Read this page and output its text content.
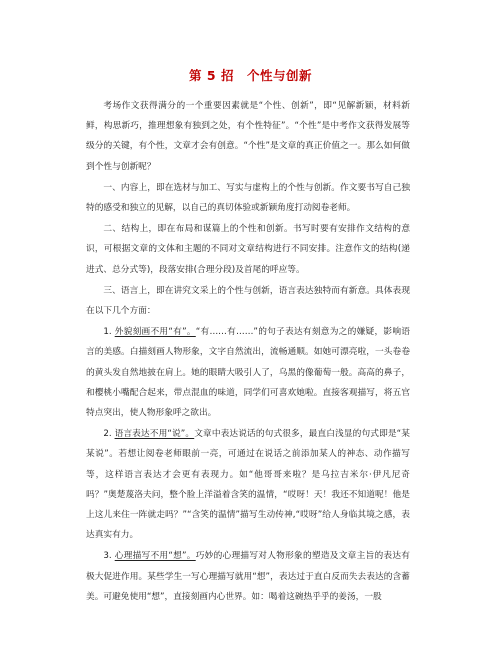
第 5 招　个性与创新

考场作文获得满分的一个重要因素就是“个性、创新”，即“见解新颖，材料新鲜，构思新巧，推理想象有独到之处，有个性特征”。“个性”是中考作文获得发展等级分的关键，有个性，文章才会有创意。“个性”是文章的真正价值之一。那么如何做到个性与创新呢？

一、内容上，即在选材与加工、写实与虚构上的个性与创新。作文要书写自己独特的感受和独立的见解，以自己的真切体验或新颖角度打动阅卷老师。

二、结构上，即在布局和谋篇上的个性和创新。书写时要有安排作文结构的意识，可根据文章的文体和主题的不同对文章结构进行不同安排。注意作文的结构(递进式、总分式等)，段落安排(合理分段)及首尾的呼应等。

三、语言上，即在讲究文采上的个性与创新，语言表达独特而有新意。具体表现在以下几个方面：

1. 外貌刻画不用“有”。“有……有……”的句子表达有刻意为之的嫌疑，影响语言的美感。白描刻画人物形象，文字自然流出，流畅通顺。如她可漂亮啦，一头卷卷的黄头发自然地披在肩上。她的眼睛大吸引人了，乌黑的像葡萄一般。高高的鼻子，和樱桃小嘴配合起来，带点混血的味道，同学们可喜欢她啦。直接客观描写，将五官特点突出，使人物形象呼之欲出。

2. 语言表达不用“说”。文章中表达说话的句式很多，最直白浅显的句式即是“某某说”。若想让阅卷老师眼前一亮，可通过在说话之前添加某人的神态、动作描写等，这样语言表达才会更有表现力。如“他哥哥来啦？是乌拉吉米尔·伊凡尼奇吗？”奥楚蔑洛夫问，整个脸上洋溢着含笑的温情，“哎呀！天！我还不知道呢！他是上这儿来住一阵就走吗？”“含笑的温情”描写生动传神,“哎呀”给人身临其境之感，表达真实有力。

3. 心理描写不用“想”。巧妙的心理描写对人物形象的塑造及文章主旨的表达有极大促进作用。某些学生一写心理描写就用“想”，表达过于直白反而失去表达的含蓄美。可避免使用“想”，直接刻画内心世界。如：喝着这碗热乎乎的姜汤，一股
